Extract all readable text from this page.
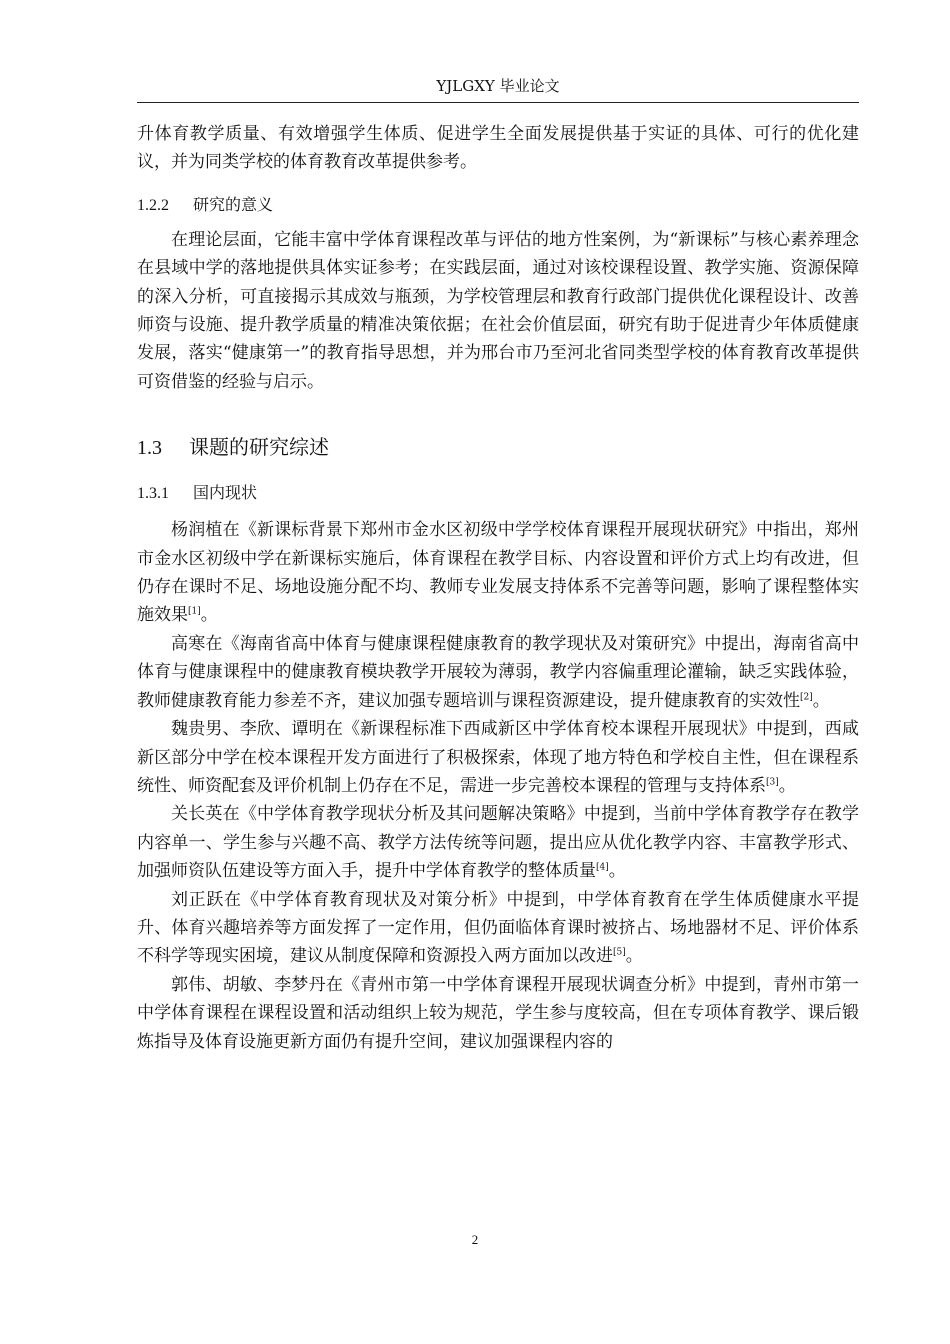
YJLGXY 毕业论文

升体育教学质量、有效增强学生体质、促进学生全面发展提供基于实证的具体、可行的优化建议，并为同类学校的体育教育改革提供参考。

1.2.2 研究的意义

在理论层面，它能丰富中学体育课程改革与评估的地方性案例，为“新课标”与核心素养理念在县域中学的落地提供具体实证参考；在实践层面，通过对该校课程设置、教学实施、资源保障的深入分析，可直接揭示其成效与瓶颈，为学校管理层和教育行政部门提供优化课程设计、改善师资与设施、提升教学质量的精准决策依据；在社会价值层面，研究有助于促进青少年体质健康发展，落实“健康第一”的教育指导思想，并为邢台市乃至河北省同类型学校的体育教育改革提供可资借鉴的经验与启示。

1.3 课题的研究综述
1.3.1 国内现状

杨润植在《新课标背景下郑州市金水区初级中学学校体育课程开展现状研究》中指出，郑州市金水区初级中学在新课标实施后，体育课程在教学目标、内容设置和评价方式上均有改进，但仍存在课时不足、场地设施分配不均、教师专业发展支持体系不完善等问题，影响了课程整体实施效果[1]。

高寒在《海南省高中体育与健康课程健康教育的教学现状及对策研究》中提出，海南省高中体育与健康课程中的健康教育模块教学开展较为薄弱，教学内容偏重理论灌输，缺乏实践体验，教师健康教育能力参差不齐，建议加强专题培训与课程资源建设，提升健康教育的实效性[2]。

魏贵男、李欣、谭明在《新课程标准下西咸新区中学体育校本课程开展现状》中提到，西咸新区部分中学在校本课程开发方面进行了积极探索，体现了地方特色和学校自主性，但在课程系统性、师资配套及评价机制上仍存在不足，需进一步完善校本课程的管理与支持体系[3]。

关长英在《中学体育教学现状分析及其问题解决策略》中提到，当前中学体育教学存在教学内容单一、学生参与兴趣不高、教学方法传统等问题，提出应从优化教学内容、丰富教学形式、加强师资队伍建设等方面入手，提升中学体育教学的整体质量[4]。

刘正跃在《中学体育教育现状及对策分析》中提到，中学体育教育在学生体质健康水平提升、体育兴趣培养等方面发挥了一定作用，但仍面临体育课时被挤占、场地器材不足、评价体系不科学等现实困境，建议从制度保障和资源投入两方面加以改进[5]。

郭伟、胡敏、李梦丹在《青州市第一中学体育课程开展现状调查分析》中提到，青州市第一中学体育课程在课程设置和活动组织上较为规范，学生参与度较高，但在专项体育教学、课后锻炼指导及体育设施更新方面仍有提升空间，建议加强课程内容的

2
